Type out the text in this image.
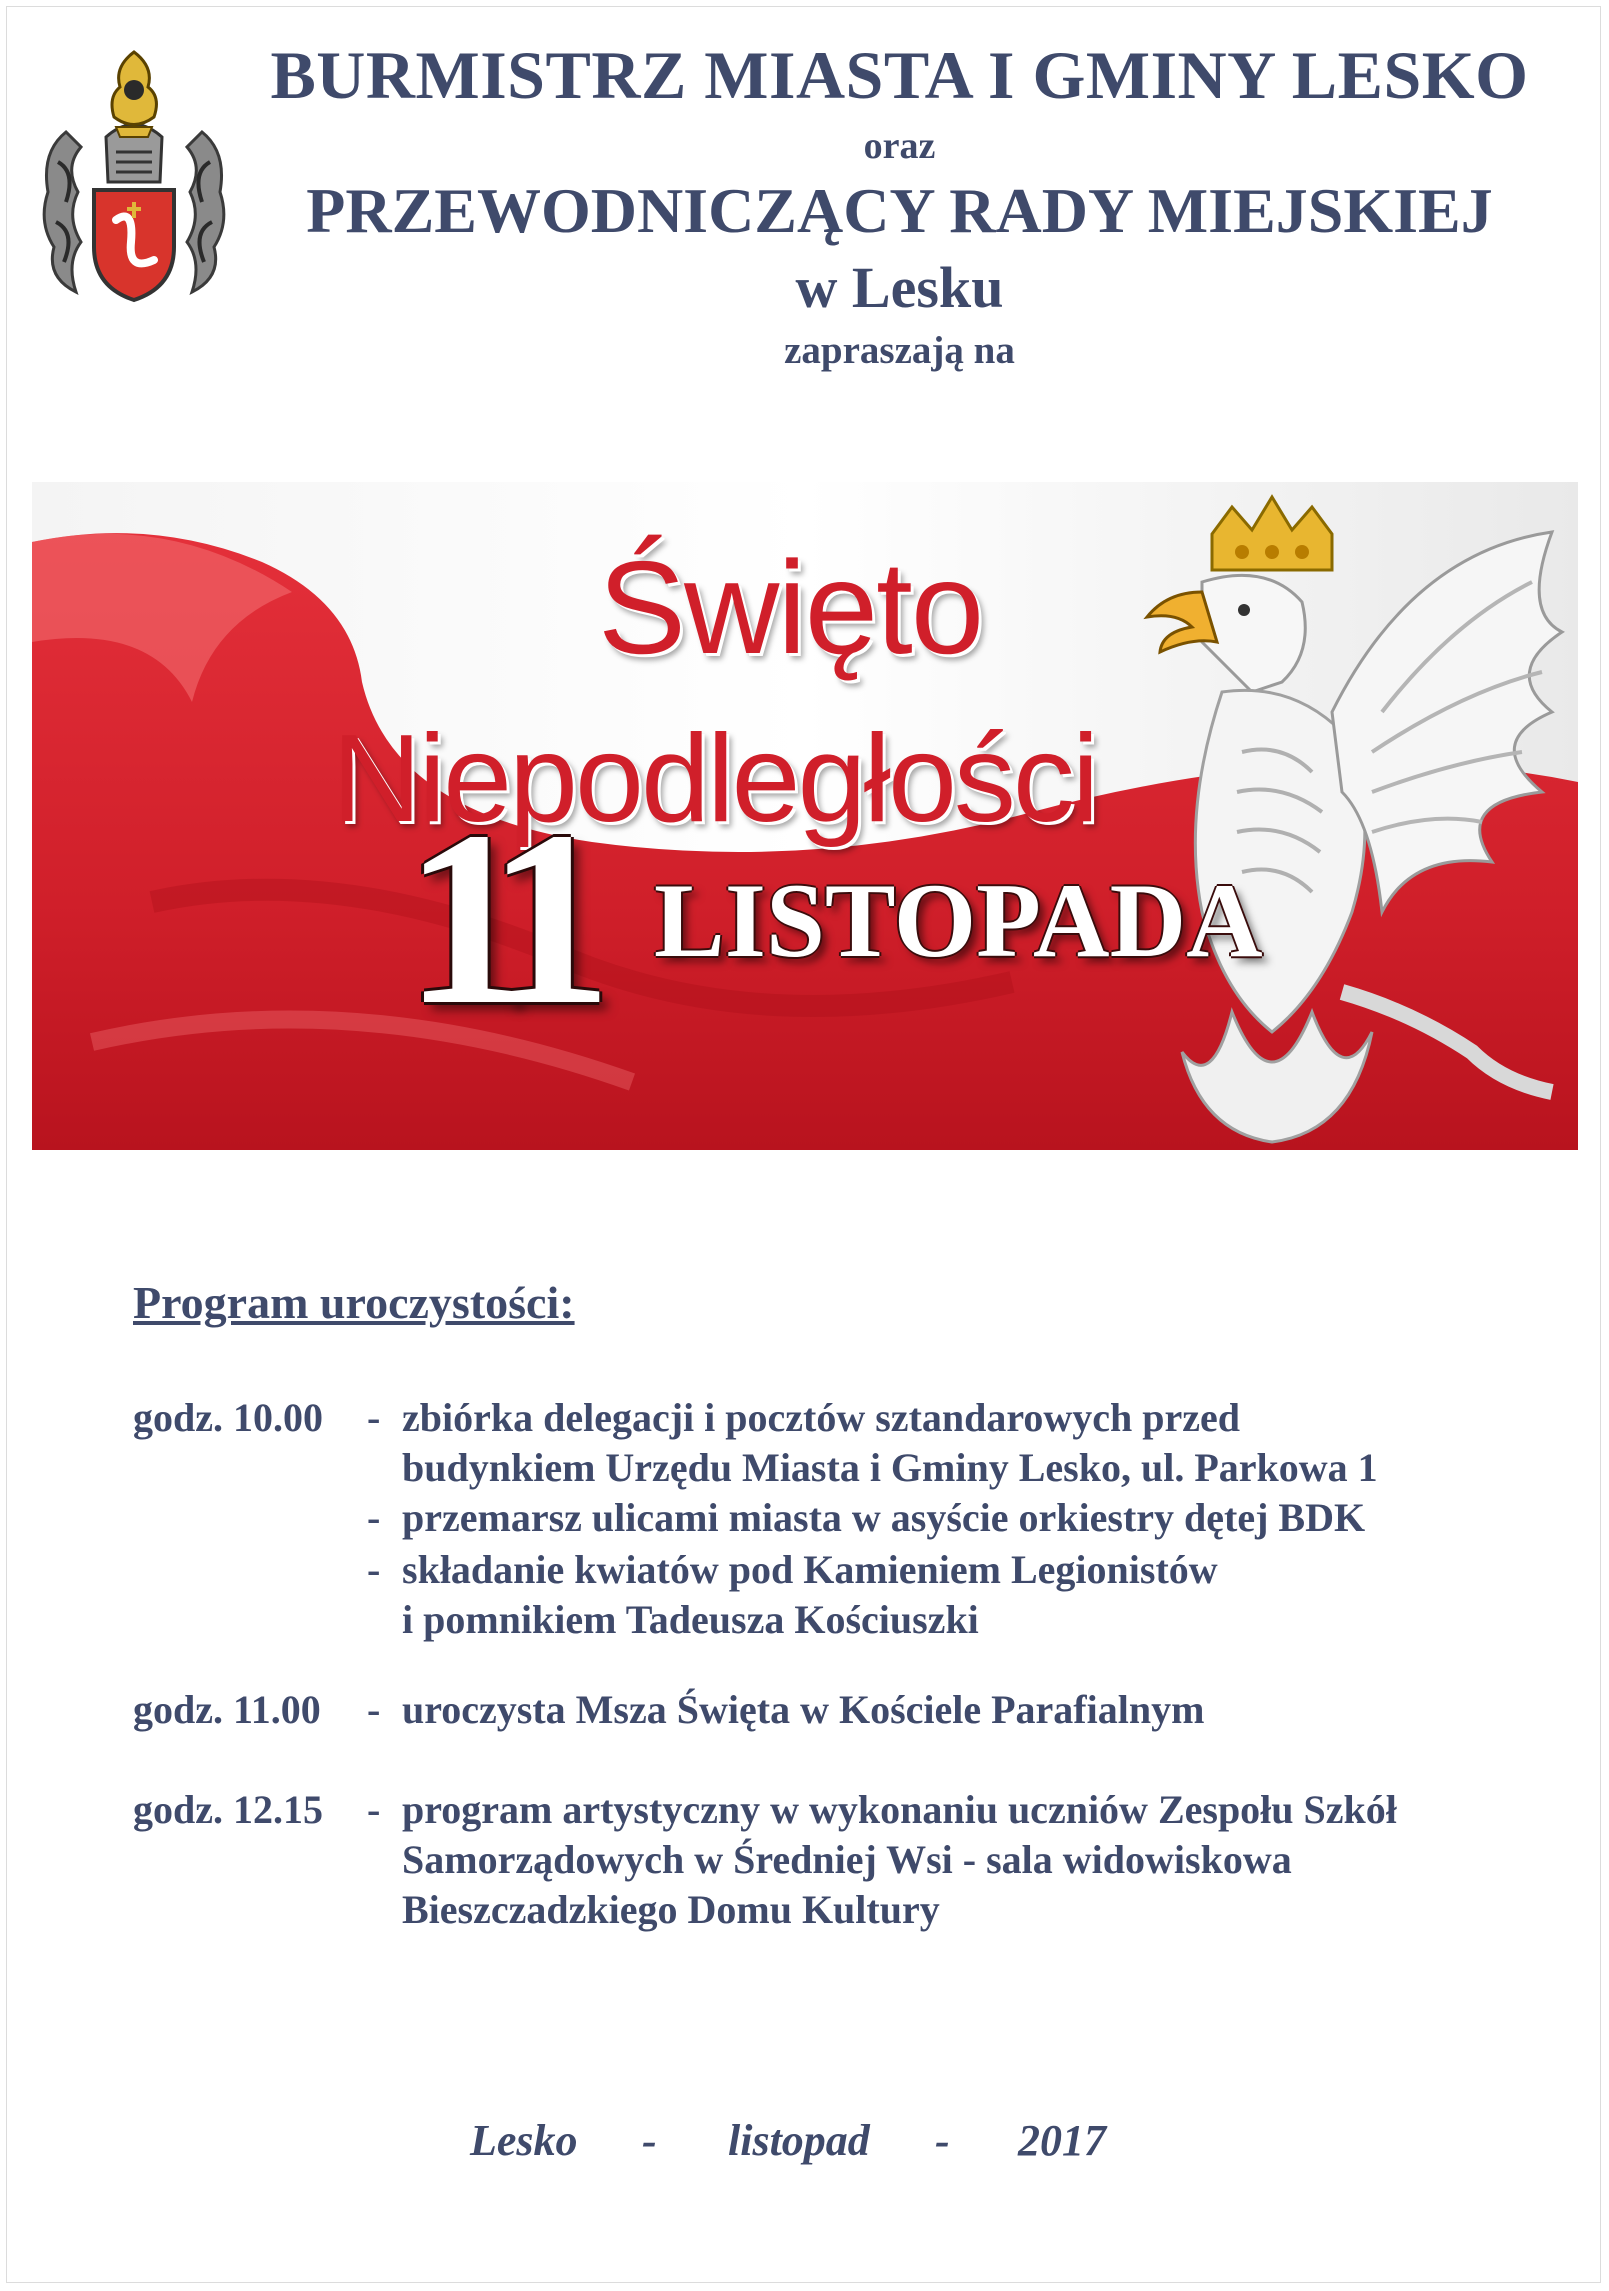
BURMISTRZ MIASTA I GMINY LESKO
oraz
PRZEWODNICZĄCY RADY MIEJSKIEJ
w Lesku
zapraszają na
Święto
Niepodległości
11 LISTOPADA
Program uroczystości:
godz. 10.00 - zbiórka delegacji i pocztów sztandarowych przed
budynkiem Urzędu Miasta i Gminy Lesko, ul. Parkowa 1
- przemarsz ulicami miasta w asyście orkiestry dętej BDK
- składanie kwiatów pod Kamieniem Legionistów
i pomnikiem Tadeusza Kościuszki
godz. 11.00 - uroczysta Msza Święta w Kościele Parafialnym
godz. 12.15 - program artystyczny w wykonaniu uczniów Zespołu Szkół
Samorządowych w Średniej Wsi - sala widowiskowa
Bieszczadzkiego Domu Kultury
Lesko - listopad - 2017
